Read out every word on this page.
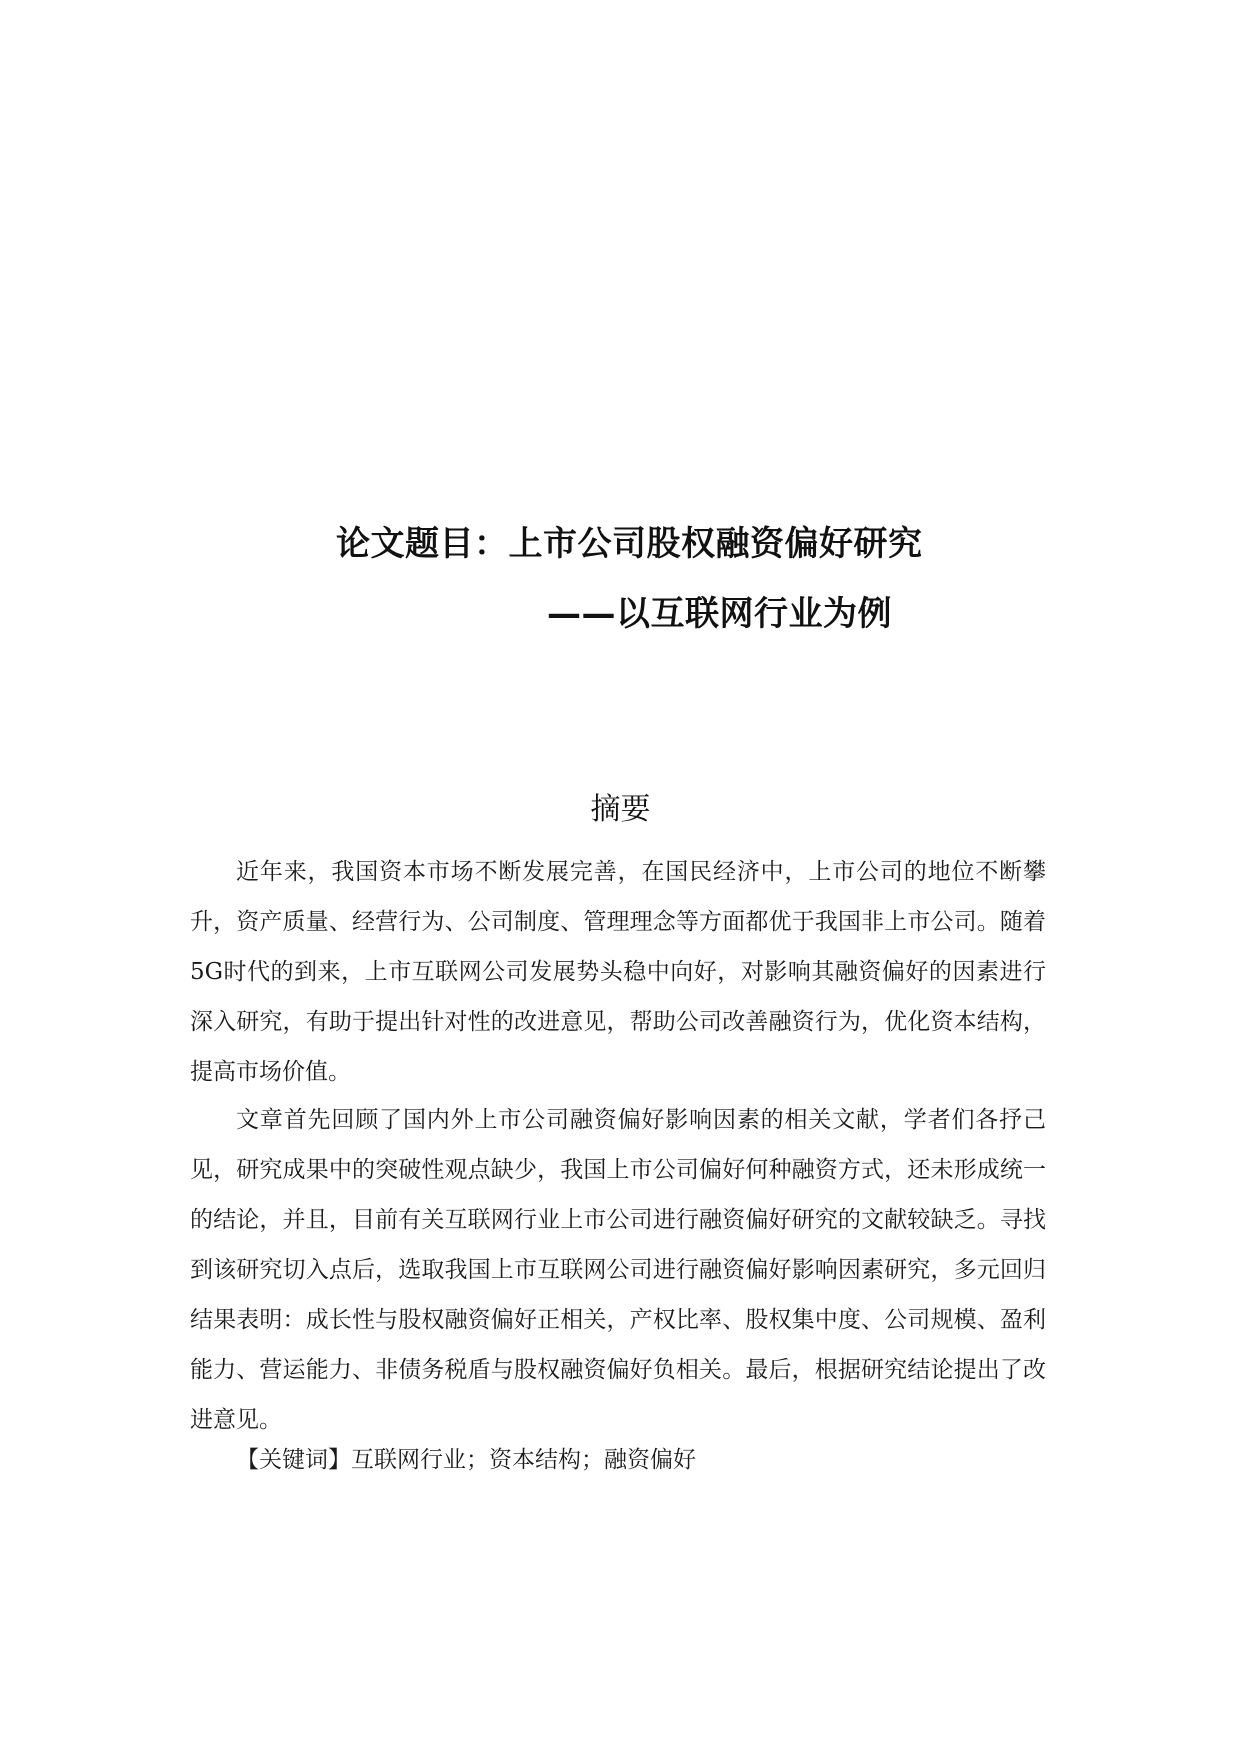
论文题目：上市公司股权融资偏好研究
——以互联网行业为例
摘要

近年来，我国资本市场不断发展完善，在国民经济中，上市公司的地位不断攀升，资产质量、经营行为、公司制度、管理理念等方面都优于我国非上市公司。随着5G时代的到来，上市互联网公司发展势头稳中向好，对影响其融资偏好的因素进行深入研究，有助于提出针对性的改进意见，帮助公司改善融资行为，优化资本结构，提高市场价值。

文章首先回顾了国内外上市公司融资偏好影响因素的相关文献，学者们各抒己见，研究成果中的突破性观点缺少，我国上市公司偏好何种融资方式，还未形成统一的结论，并且，目前有关互联网行业上市公司进行融资偏好研究的文献较缺乏。寻找到该研究切入点后，选取我国上市互联网公司进行融资偏好影响因素研究，多元回归结果表明：成长性与股权融资偏好正相关，产权比率、股权集中度、公司规模、盈利能力、营运能力、非债务税盾与股权融资偏好负相关。最后，根据研究结论提出了改进意见。

【关键词】互联网行业；资本结构；融资偏好
